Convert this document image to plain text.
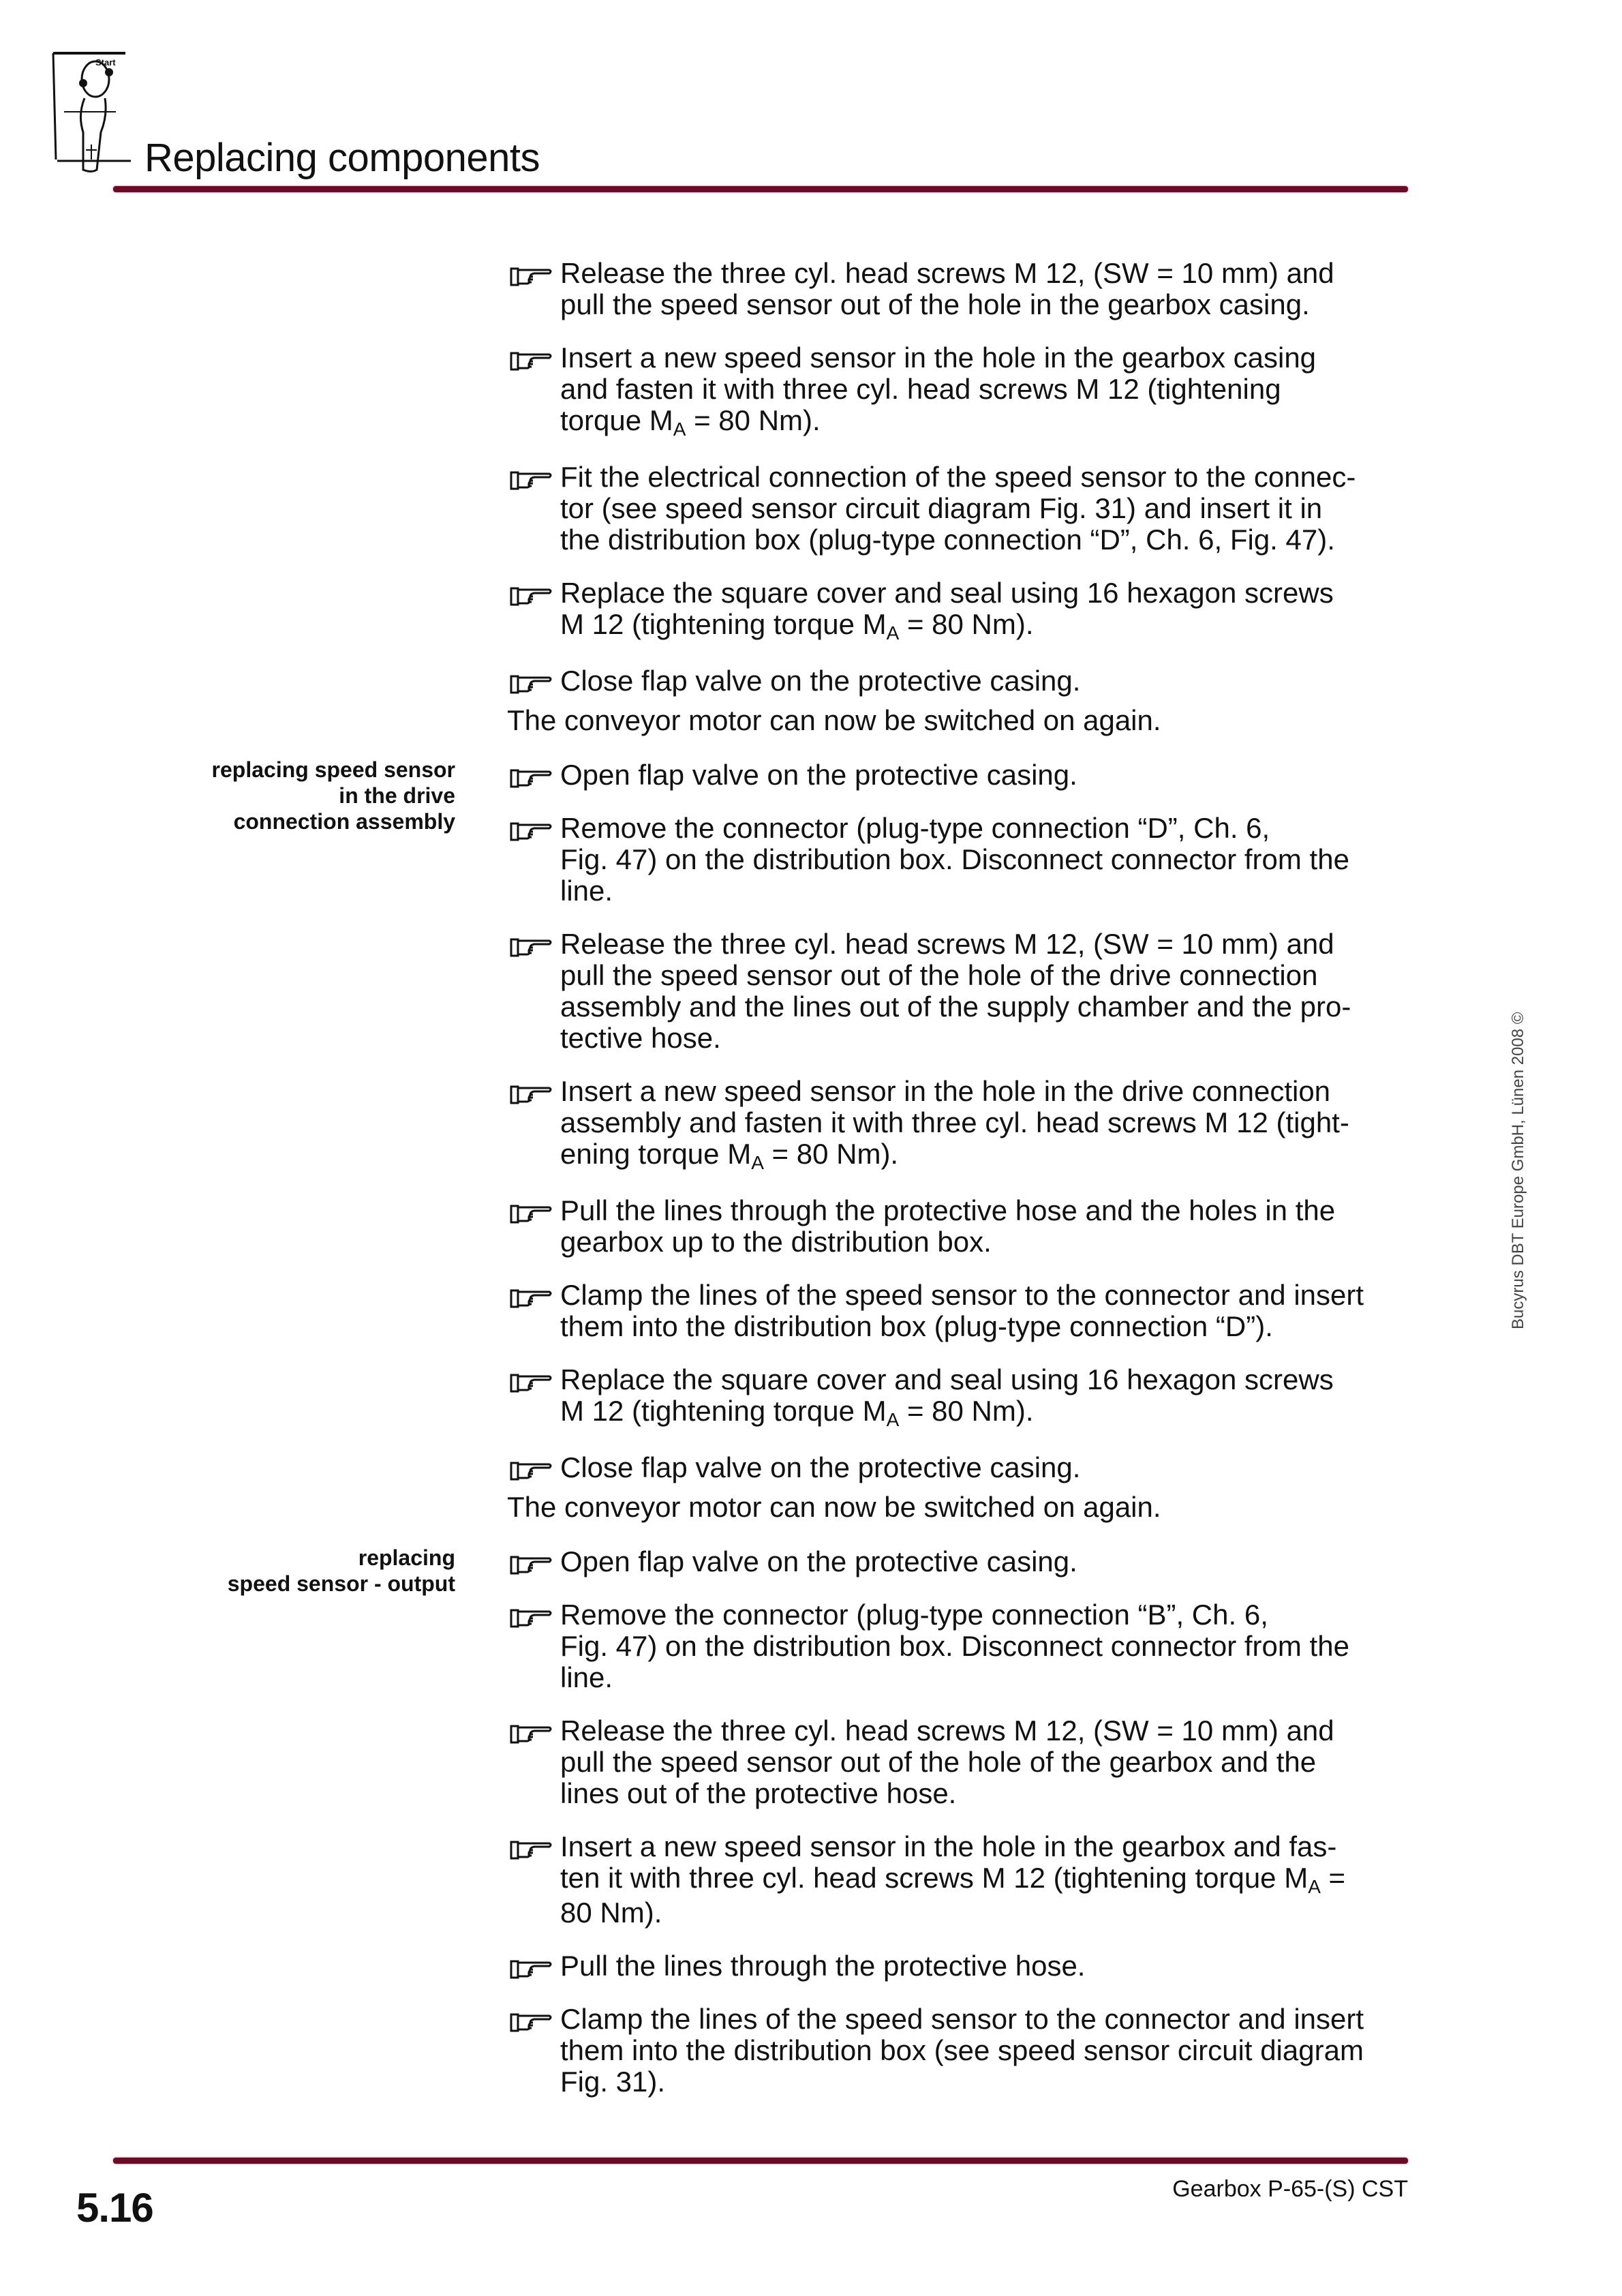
Start
Replacing components
replacing speed sensor
in the drive
connection assembly
replacing
speed sensor - output
Release the three cyl. head screws M 12, (SW = 10 mm) and
pull the speed sensor out of the hole in the gearbox casing.
Insert a new speed sensor in the hole in the gearbox casing
and fasten it with three cyl. head screws M 12 (tightening
torque MA = 80 Nm).
Fit the electrical connection of the speed sensor to the connec-
tor (see speed sensor circuit diagram Fig. 31) and insert it in
the distribution box (plug-type connection “D”, Ch. 6, Fig. 47).
Replace the square cover and seal using 16 hexagon screws
M 12 (tightening torque MA = 80 Nm).
Close flap valve on the protective casing.
The conveyor motor can now be switched on again.
Open flap valve on the protective casing.
Remove the connector (plug-type connection “D”, Ch. 6,
Fig. 47) on the distribution box. Disconnect connector from the
line.
Release the three cyl. head screws M 12, (SW = 10 mm) and
pull the speed sensor out of the hole of the drive connection
assembly and the lines out of the supply chamber and the pro-
tective hose.
Insert a new speed sensor in the hole in the drive connection
assembly and fasten it with three cyl. head screws M 12 (tight-
ening torque MA = 80 Nm).
Pull the lines through the protective hose and the holes in the
gearbox up to the distribution box.
Clamp the lines of the speed sensor to the connector and insert
them into the distribution box (plug-type connection “D”).
Replace the square cover and seal using 16 hexagon screws
M 12 (tightening torque MA = 80 Nm).
Close flap valve on the protective casing.
The conveyor motor can now be switched on again.
Open flap valve on the protective casing.
Remove the connector (plug-type connection “B”, Ch. 6,
Fig. 47) on the distribution box. Disconnect connector from the
line.
Release the three cyl. head screws M 12, (SW = 10 mm) and
pull the speed sensor out of the hole of the gearbox and the
lines out of the protective hose.
Insert a new speed sensor in the hole in the gearbox and fas-
ten it with three cyl. head screws M 12 (tightening torque MA =
80 Nm).
Pull the lines through the protective hose.
Clamp the lines of the speed sensor to the connector and insert
them into the distribution box (see speed sensor circuit diagram
Fig. 31).
5.16	Gearbox P-65-(S) CST
Bucyrus DBT Europe GmbH, Lünen 2008 ©
